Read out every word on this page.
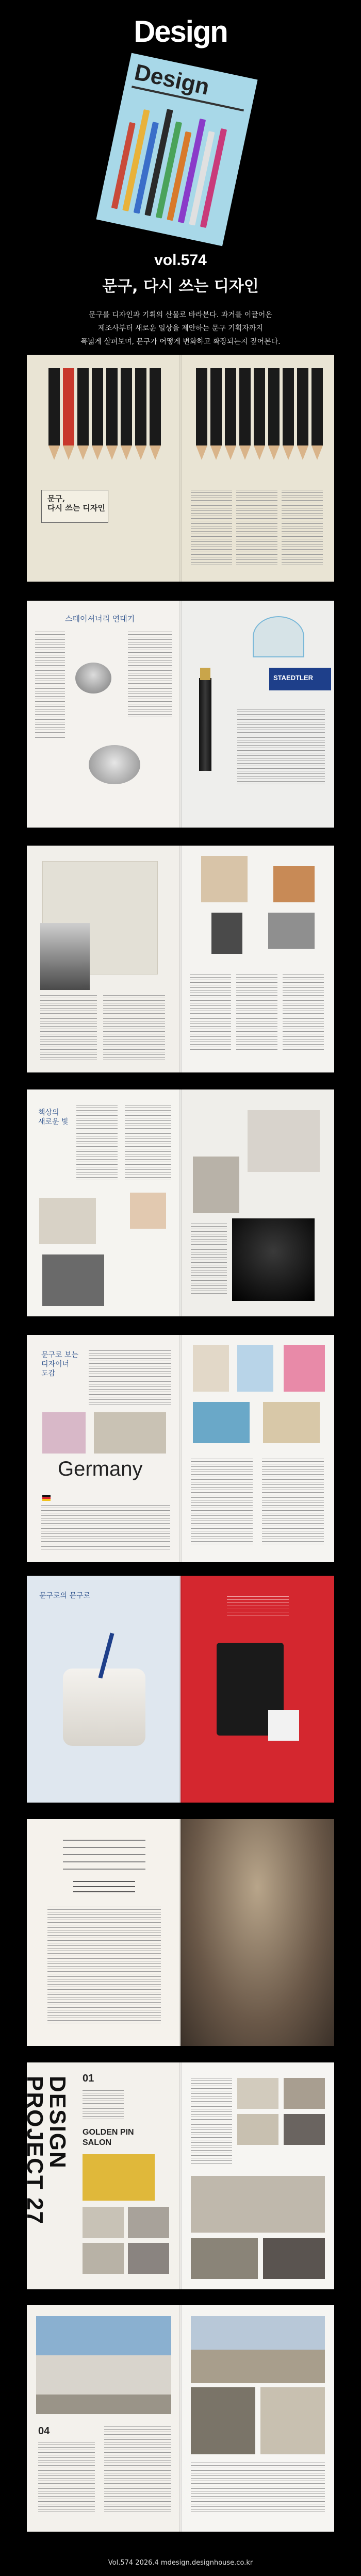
Design
Design
vol.574
문구, 다시 쓰는 디자인
문구를 디자인과 기획의 산물로 바라본다. 과거를 이끌어온
제조사부터 새로운 일상을 제안하는 문구 기획자까지
폭넓게 살펴보며, 문구가 어떻게 변화하고 확장되는지 짚어본다.
문구,
다시 쓰는 디자인
스테이셔너리 연대기
STAEDTLER
책상의
새로운 빛
문구로 보는
디자이너
도감
Germany
문구로의 문구로
DESIGN
PROJECT 27	01
GOLDEN PIN
SALON
04
Vol.574 2026.4 mdesign.designhouse.co.kr
